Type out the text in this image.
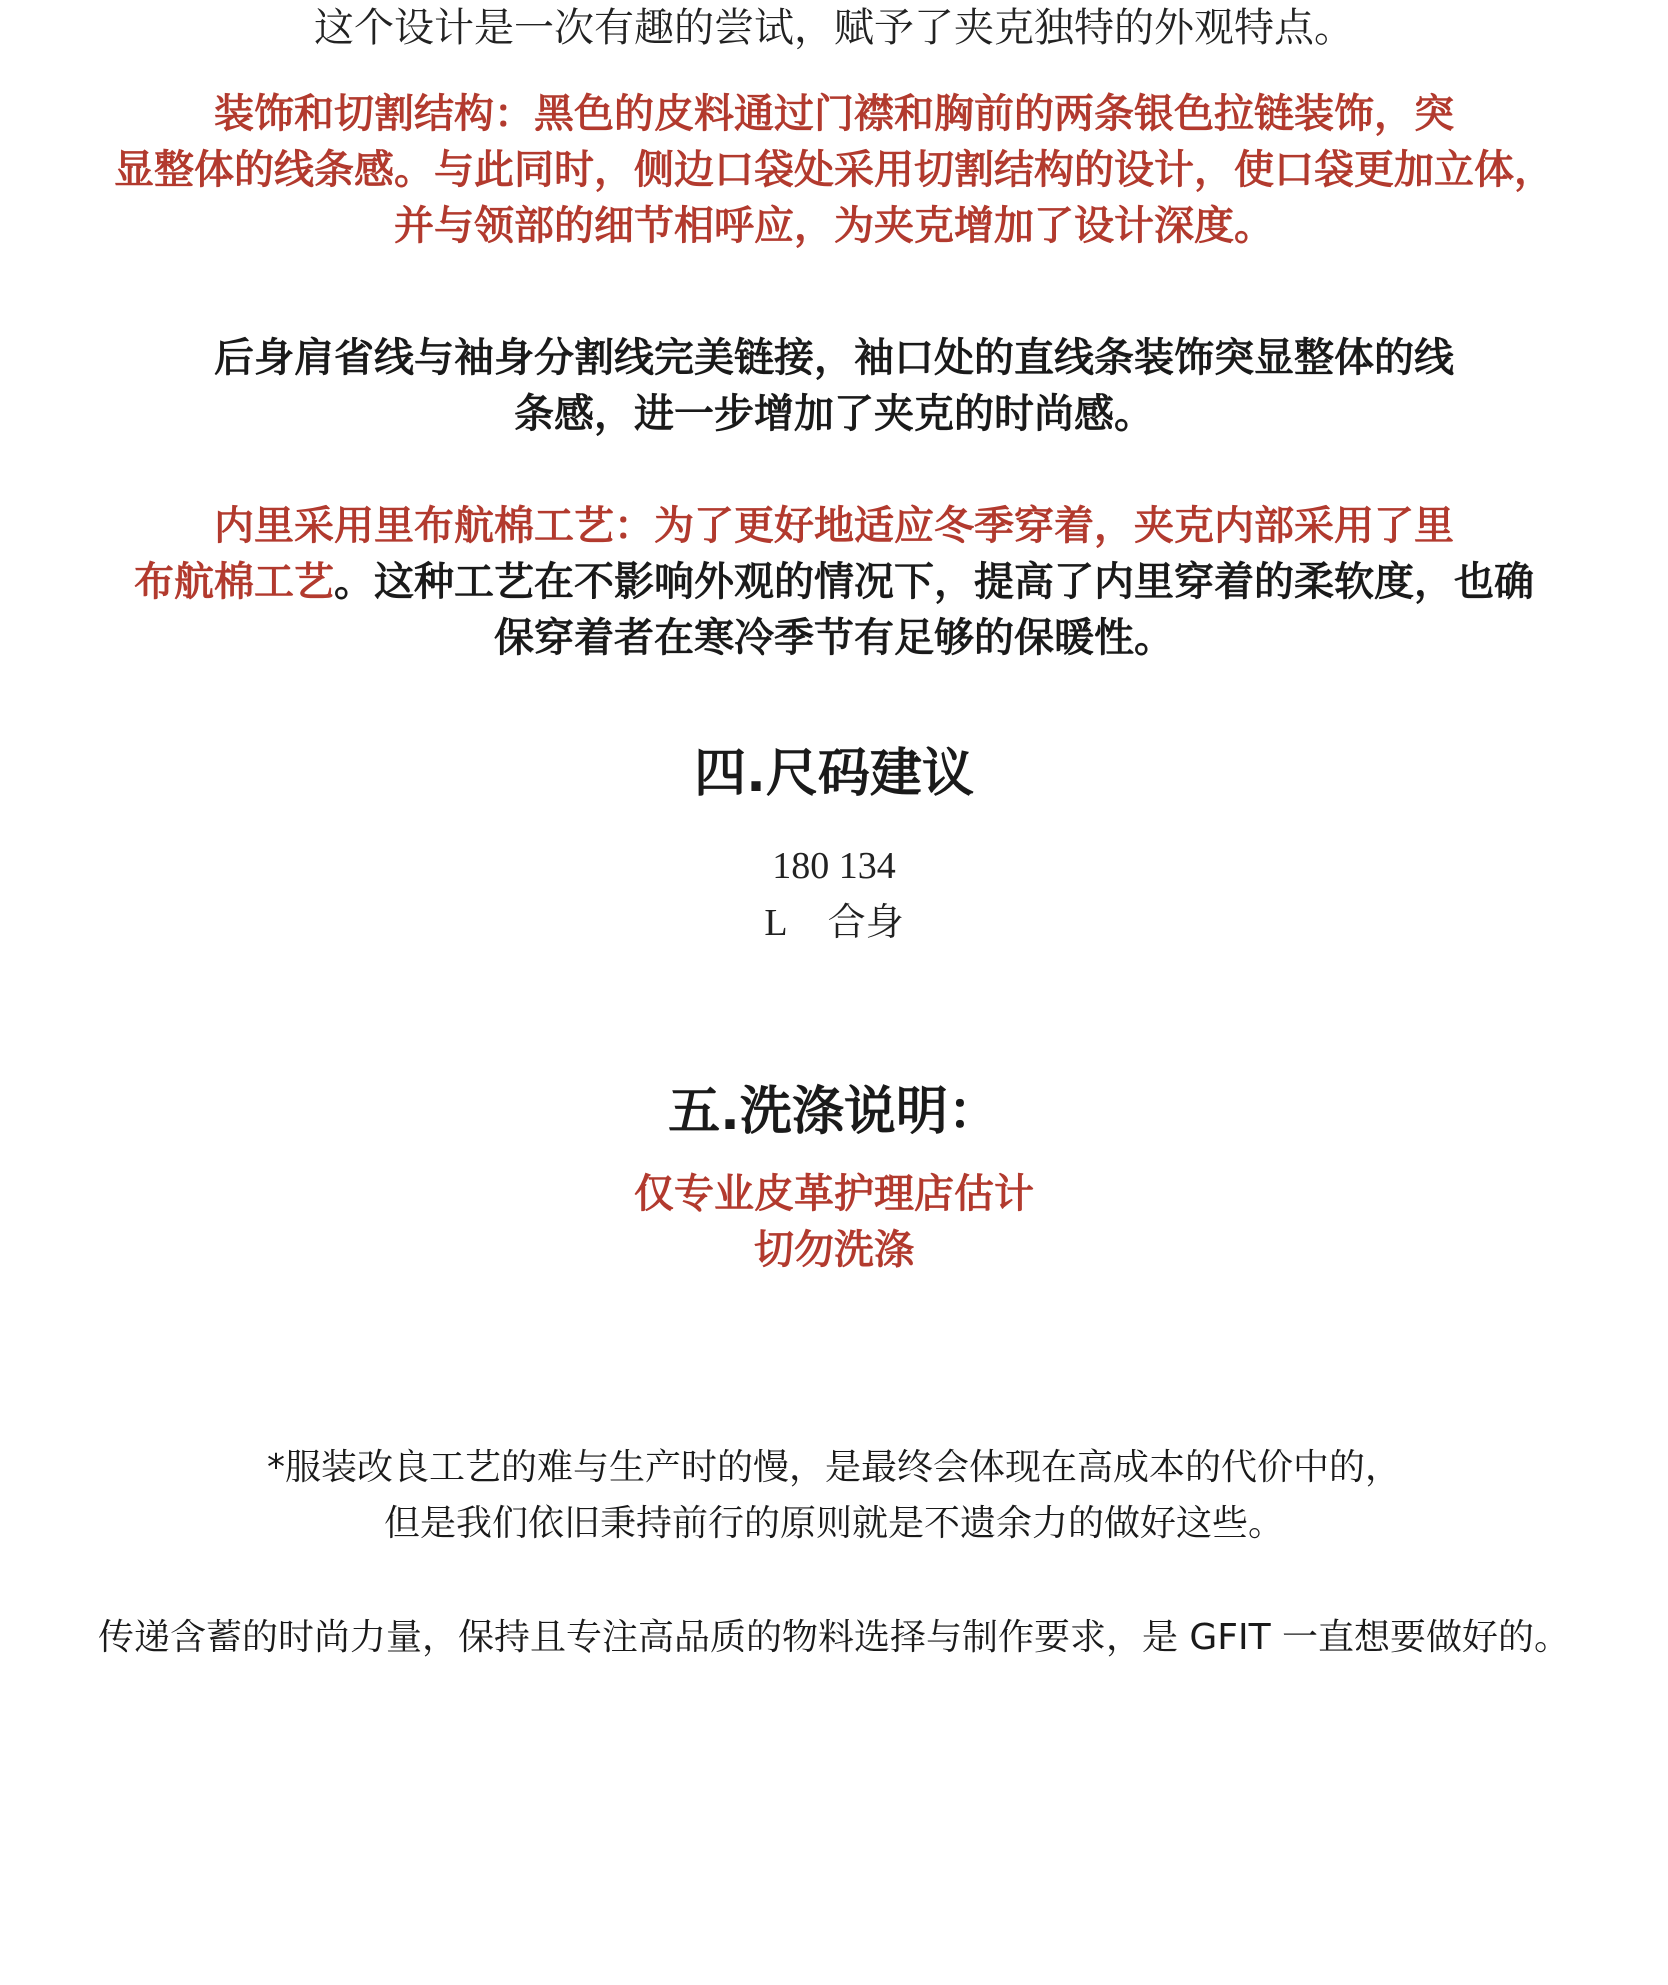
这个设计是一次有趣的尝试，赋予了夹克独特的外观特点。

装饰和切割结构：黑色的皮料通过门襟和胸前的两条银色拉链装饰，突
显整体的线条感。与此同时，侧边口袋处采用切割结构的设计，使口袋更加立体，
并与领部的细节相呼应，为夹克增加了设计深度。

后身肩省线与袖身分割线完美链接，袖口处的直线条装饰突显整体的线
条感，进一步增加了夹克的时尚感。

内里采用里布航棉工艺：为了更好地适应冬季穿着，夹克内部采用了里
布航棉工艺。这种工艺在不影响外观的情况下，提高了内里穿着的柔软度，也确
保穿着者在寒冷季节有足够的保暖性。

四.尺码建议
180 134
L 合身
五.洗涤说明：
仅专业皮革护理店估计
切勿洗涤
*服装改良工艺的难与生产时的慢，是最终会体现在高成本的代价中的，
但是我们依旧秉持前行的原则就是不遗余力的做好这些。
传递含蓄的时尚力量，保持且专注高品质的物料选择与制作要求，是 GFIT 一直想要做好的。
